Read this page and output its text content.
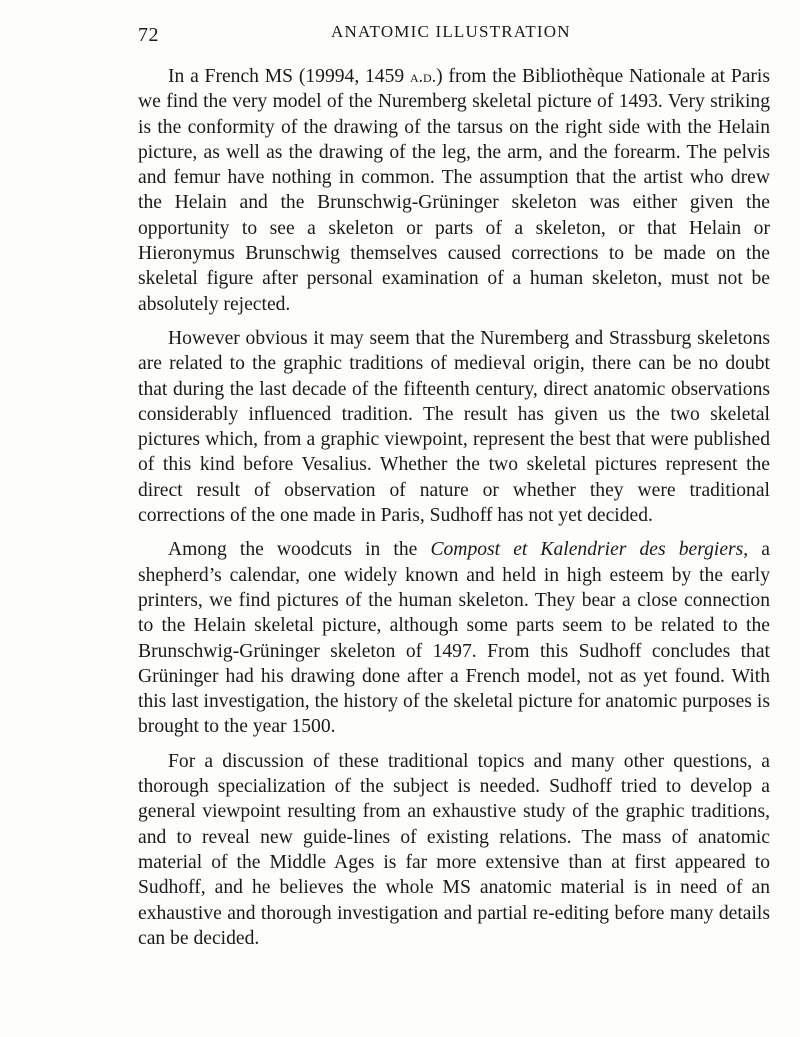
72	ANATOMIC ILLUSTRATION

In a French MS (19994, 1459 a.d.) from the Bibliothèque Nationale at Paris we find the very model of the Nuremberg skeletal picture of 1493. Very striking is the conformity of the drawing of the tarsus on the right side with the Helain picture, as well as the drawing of the leg, the arm, and the forearm. The pelvis and femur have nothing in common. The assumption that the artist who drew the Helain and the Brunschwig-Grüninger skeleton was either given the opportunity to see a skeleton or parts of a skeleton, or that Helain or Hieronymus Brunschwig themselves caused corrections to be made on the skeletal figure after personal examination of a human skeleton, must not be absolutely rejected.

However obvious it may seem that the Nuremberg and Strassburg skeletons are related to the graphic traditions of medieval origin, there can be no doubt that during the last decade of the fifteenth century, direct anatomic observations considerably influenced tradition. The result has given us the two skeletal pictures which, from a graphic viewpoint, represent the best that were published of this kind before Vesalius. Whether the two skeletal pictures represent the direct result of observation of nature or whether they were traditional corrections of the one made in Paris, Sudhoff has not yet decided.

Among the woodcuts in the Compost et Kalendrier des bergiers, a shepherd’s calendar, one widely known and held in high esteem by the early printers, we find pictures of the human skeleton. They bear a close connection to the Helain skeletal picture, although some parts seem to be related to the Brunschwig-Grüninger skeleton of 1497. From this Sudhoff concludes that Grüninger had his drawing done after a French model, not as yet found. With this last investigation, the history of the skeletal picture for anatomic purposes is brought to the year 1500.

For a discussion of these traditional topics and many other questions, a thorough specialization of the subject is needed. Sudhoff tried to develop a general viewpoint resulting from an exhaustive study of the graphic traditions, and to reveal new guide-lines of existing relations. The mass of anatomic material of the Middle Ages is far more extensive than at first appeared to Sudhoff, and he believes the whole MS anatomic material is in need of an exhaustive and thorough investigation and partial re-editing before many details can be decided.
